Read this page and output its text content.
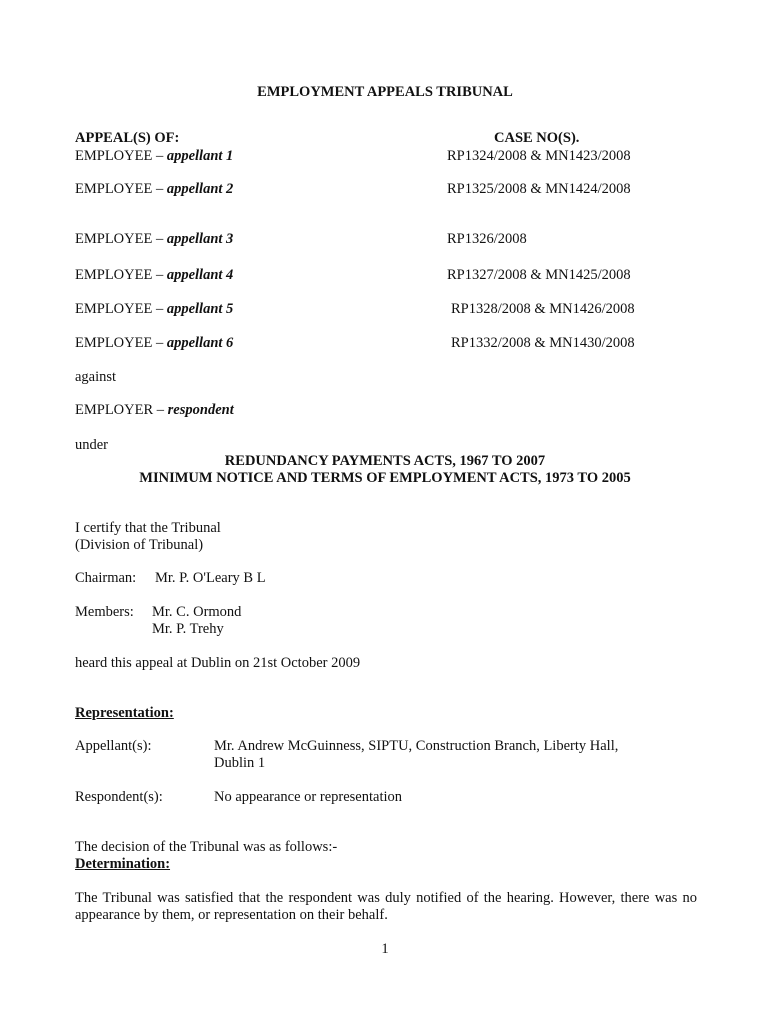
EMPLOYMENT APPEALS TRIBUNAL
APPEAL(S) OF:	CASE NO(S).
EMPLOYEE – appellant 1	RP1324/2008 & MN1423/2008
EMPLOYEE – appellant 2	RP1325/2008 & MN1424/2008
EMPLOYEE – appellant 3	RP1326/2008
EMPLOYEE – appellant 4	RP1327/2008 & MN1425/2008
EMPLOYEE – appellant 5	RP1328/2008 & MN1426/2008
EMPLOYEE – appellant 6	RP1332/2008 & MN1430/2008
against
EMPLOYER – respondent
under
REDUNDANCY PAYMENTS ACTS, 1967 TO 2007
MINIMUM NOTICE AND TERMS OF EMPLOYMENT ACTS, 1973 TO 2005
I certify that the Tribunal
(Division of Tribunal)
Chairman: Mr. P. O'Leary B L
Members: Mr. C. Ormond
Mr. P. Trehy
heard this appeal at Dublin on 21st October 2009
Representation:
Appellant(s):	Mr. Andrew McGuinness, SIPTU, Construction Branch, Liberty Hall,
Dublin 1
Respondent(s):	No appearance or representation
The decision of the Tribunal was as follows:-
Determination:
The Tribunal was satisfied that the respondent was duly notified of the hearing. However, there was no appearance by them, or representation on their behalf.
1
